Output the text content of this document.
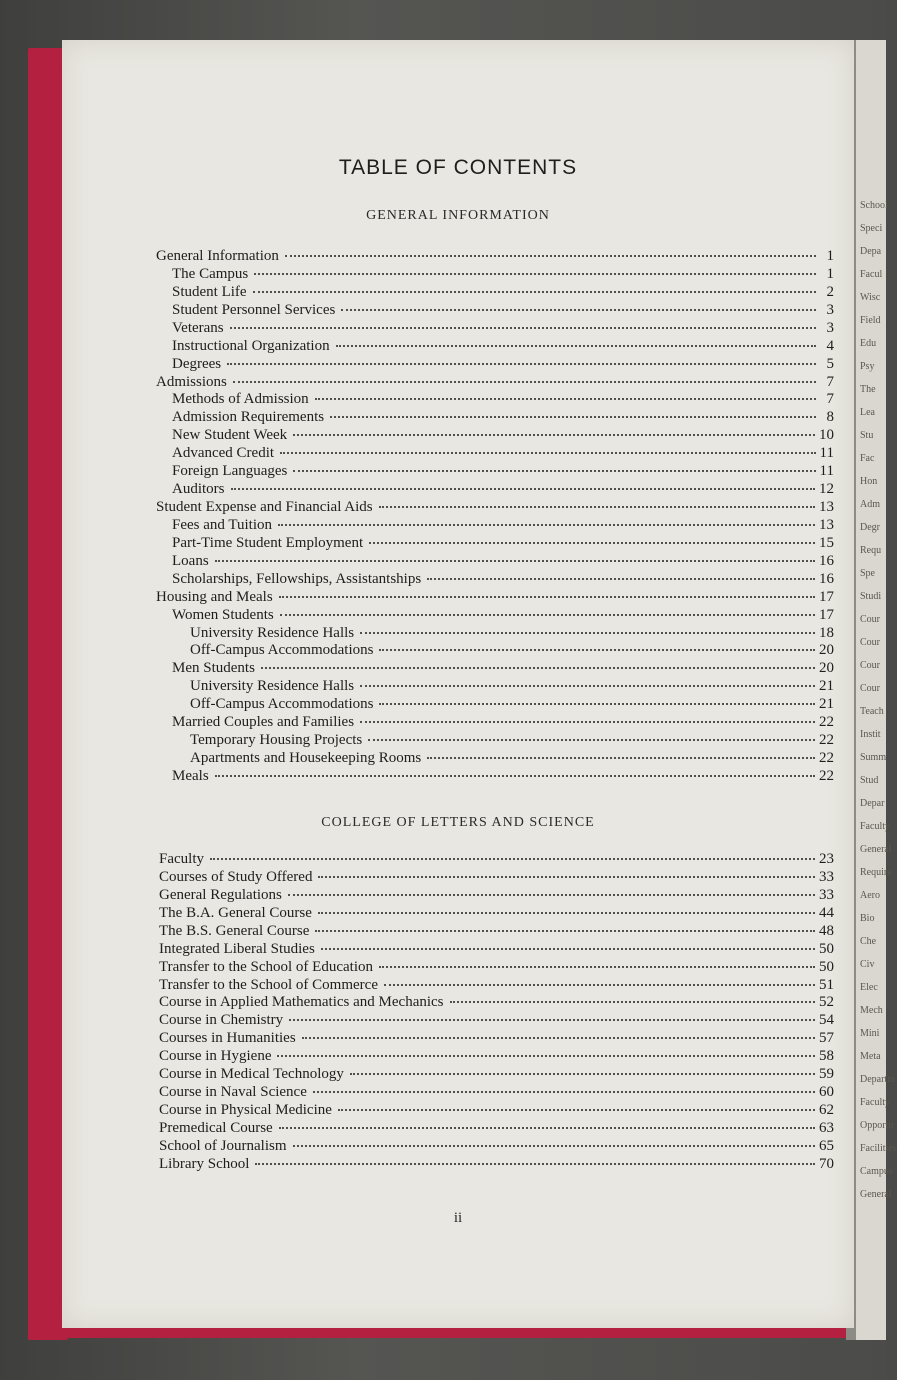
School
Speci
Depa
Facul
Wisc
Field
Edu
Psy
The
Lea
Stu
Fac
Hon
Adm
Degr
Requ
Spe
Studi
Cour
Cour
Cour
Cour
Teach
Instit
Summ
Stud
Depar
Faculty
General
Require
Aero
Bio
Che
Civ
Elec
Mech
Mini
Meta
Departm
Faculty
Opportu
Facilities
Campus
General
TABLE OF CONTENTS
GENERAL INFORMATION
COLLEGE OF LETTERS AND SCIENCE
ii
General Information	1
The Campus	1
Student Life	2
Student Personnel Services	3
Veterans	3
Instructional Organization	4
Degrees	5
Admissions	7
Methods of Admission	7
Admission Requirements	8
New Student Week	10
Advanced Credit	11
Foreign Languages	11
Auditors	12
Student Expense and Financial Aids	13
Fees and Tuition	13
Part-Time Student Employment	15
Loans	16
Scholarships, Fellowships, Assistantships	16
Housing and Meals	17
Women Students	17
University Residence Halls	18
Off-Campus Accommodations	20
Men Students	20
University Residence Halls	21
Off-Campus Accommodations	21
Married Couples and Families	22
Temporary Housing Projects	22
Apartments and Housekeeping Rooms	22
Meals	22
Faculty	23
Courses of Study Offered	33
General Regulations	33
The B.A. General Course	44
The B.S. General Course	48
Integrated Liberal Studies	50
Transfer to the School of Education	50
Transfer to the School of Commerce	51
Course in Applied Mathematics and Mechanics	52
Course in Chemistry	54
Courses in Humanities	57
Course in Hygiene	58
Course in Medical Technology	59
Course in Naval Science	60
Course in Physical Medicine	62
Premedical Course	63
School of Journalism	65
Library School	70
